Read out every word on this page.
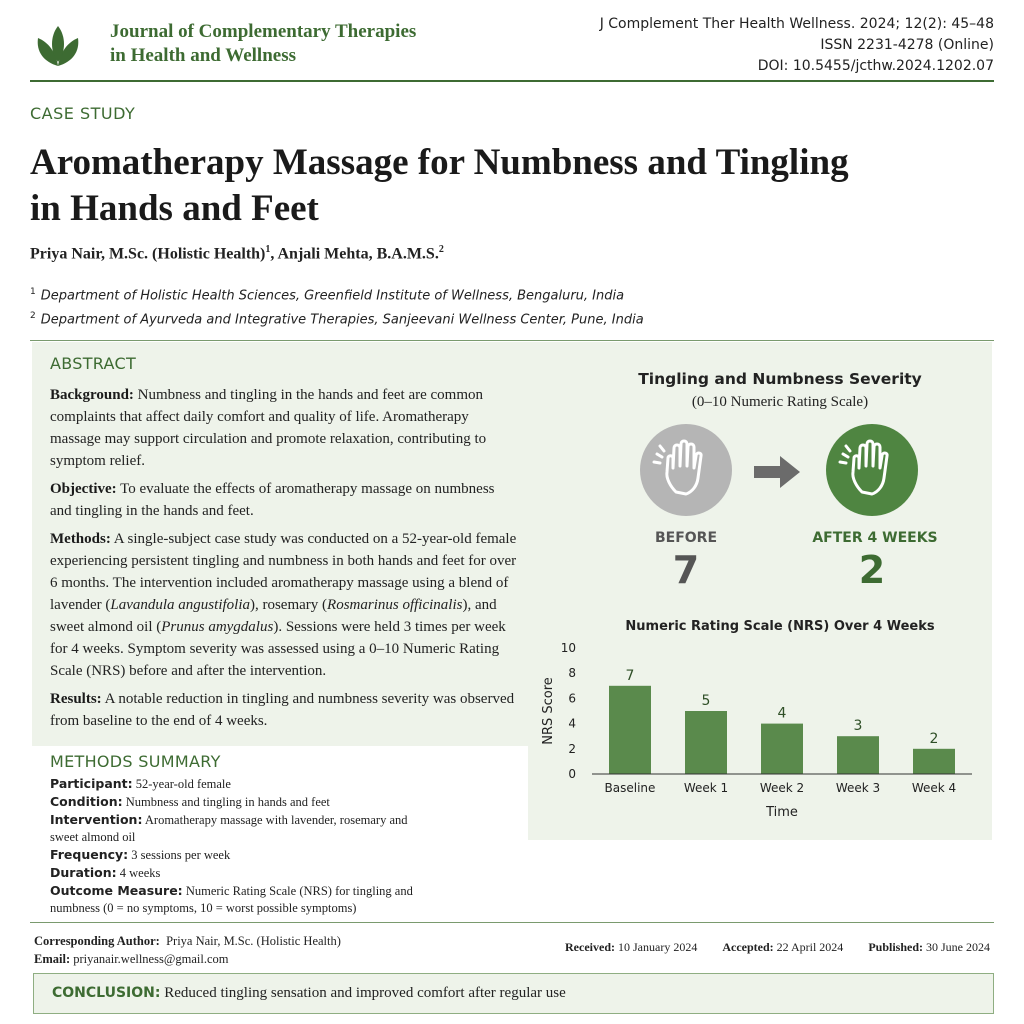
Journal of Complementary Therapies
in Health and Wellness
J Complement Ther Health Wellness. 2024; 12(2): 45–48
ISSN 2231-4278 (Online)
DOI: 10.5455/jcthw.2024.1202.07
CASE STUDY
Aromatherapy Massage for Numbness and Tingling
in Hands and Feet
Priya Nair, M.Sc. (Holistic Health)$^1$, Anjali Mehta, B.A.M.S.$^2$
$^1$ Department of Holistic Health Sciences, Greenfield Institute of Wellness, Bengaluru, India
$^2$ Department of Ayurveda and Integrative Therapies, Sanjeevani Wellness Center, Pune, India
ABSTRACT

Background: Numbness and tingling in the hands and feet are common complaints that affect daily comfort and quality of life. Aromatherapy massage may support circulation and promote relaxation, contributing to symptom relief.

Objective: To evaluate the effects of aromatherapy massage on numbness and tingling in the hands and feet.

Methods: A single-subject case study was conducted on a 52-year-old female experiencing persistent tingling and numbness in both hands and feet for over 6 months. The intervention included aromatherapy massage using a blend of lavender (Lavandula angustifolia), rosemary (Rosmarinus officinalis), and sweet almond oil (Prunus amygdalus). Sessions were held 3 times per week for 4 weeks. Symptom severity was assessed using a 0–10 Numeric Rating Scale (NRS) before and after the intervention.

Results: A notable reduction in tingling and numbness severity was observed from baseline to the end of 4 weeks.

METHODS SUMMARY
Participant: 52-year-old female
Condition: Numbness and tingling in hands and feet
Intervention: Aromatherapy massage with lavender, rosemary and sweet almond oil
Frequency: 3 sessions per week
Duration: 4 weeks
Outcome Measure: Numeric Rating Scale (NRS) for tingling and numbness (0 = no symptoms, 10 = worst possible symptoms)
Tingling and Numbness Severity
(0–10 Numeric Rating Scale)
BEFORE	AFTER 4 WEEKS
7	2
Numeric Rating Scale (NRS) Over 4 Weeks
0
2
4
6
8
10
NRS Score
7
Baseline
5
Week 1
4
Week 2
3
Week 3
2
Week 4
Time
Corresponding Author: Priya Nair, M.Sc. (Holistic Health)
Email: priyanair.wellness@gmail.com
Received: 10 January 2024 Accepted: 22 April 2024 Published: 30 June 2024
CONCLUSION: Reduced tingling sensation and improved comfort after regular use
